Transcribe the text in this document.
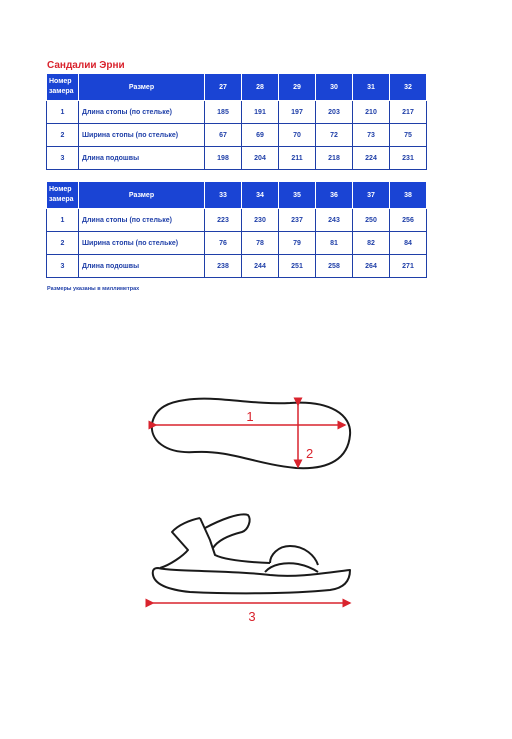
Сандалии Эрни
Номер замера	Размер	27	28	29	30	31	32
1	Длина стопы (по стельке)	185	191	197	203	210	217
2	Ширина стопы (по стельке)	67	69	70	72	73	75
3	Длина подошвы	198	204	211	218	224	231
Номер замера	Размер	33	34	35	36	37	38
1	Длина стопы (по стельке)	223	230	237	243	250	256
2	Ширина стопы (по стельке)	76	78	79	81	82	84
3	Длина подошвы	238	244	251	258	264	271
Размеры указаны в миллиметрах
1
2
3
